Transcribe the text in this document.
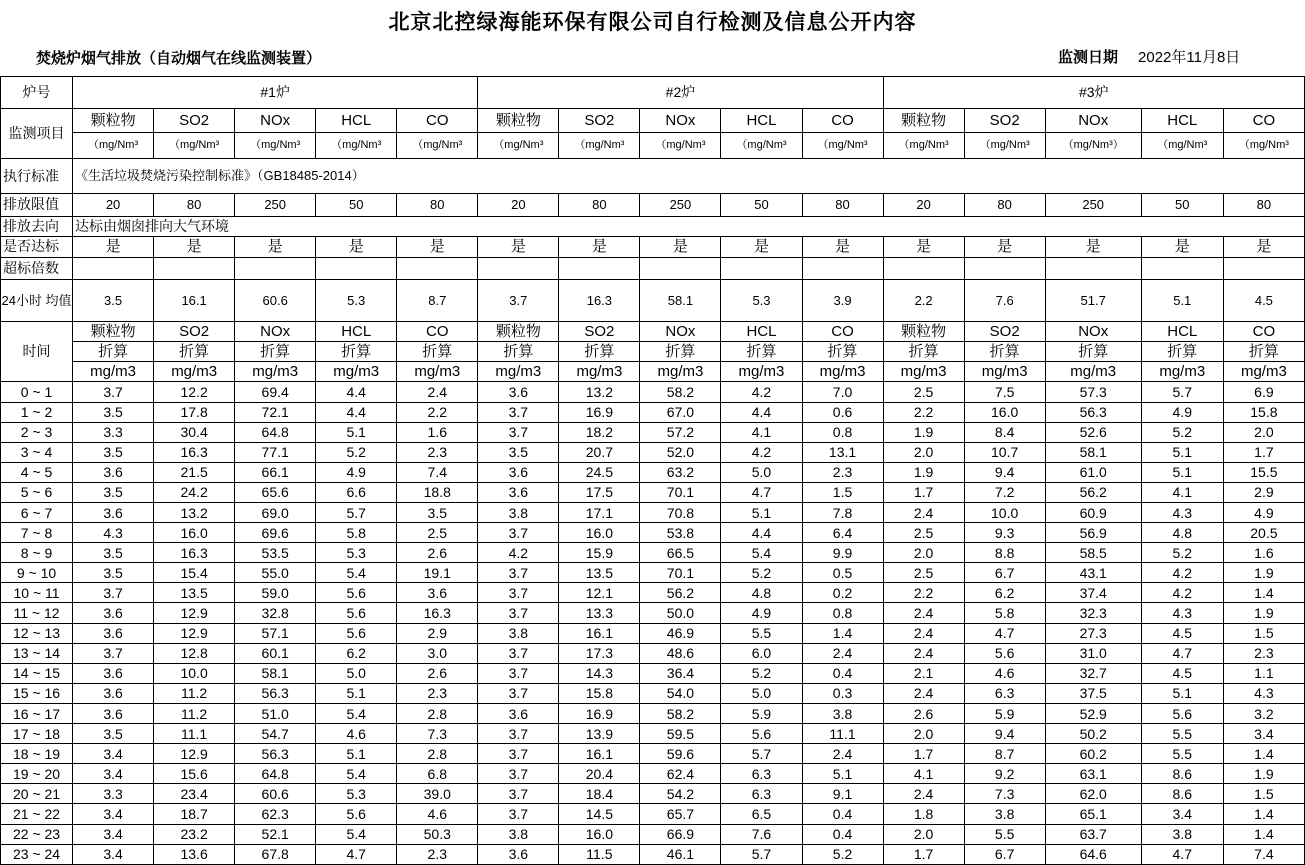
北京北控绿海能环保有限公司自行检测及信息公开内容
焚烧炉烟气排放（自动烟气在线监测装置）	监测日期 2022年11月8日
炉号	#1炉					#2炉					#3炉				
监测项目	颗粒物	SO2	NOx	HCL	CO	颗粒物	SO2	NOx	HCL	CO	颗粒物	SO2	NOx	HCL	CO
	（mg/Nm³	（mg/Nm³	（mg/Nm³	（mg/Nm³	（mg/Nm³	（mg/Nm³	（mg/Nm³	（mg/Nm³	（mg/Nm³	（mg/Nm³	（mg/Nm³	（mg/Nm³	（mg/Nm³）	（mg/Nm³	（mg/Nm³
执行标准	《生活垃圾焚烧污染控制标准》（GB18485-2014）														
排放限值	20	80	250	50	80	20	80	250	50	80	20	80	250	50	80
排放去向	达标由烟囱排向大气环境														
是否达标	是	是	是	是	是	是	是	是	是	是	是	是	是	是	是
超标倍数															
24小时 均值	3.5	16.1	60.6	5.3	8.7	3.7	16.3	58.1	5.3	3.9	2.2	7.6	51.7	5.1	4.5
时间	颗粒物	SO2	NOx	HCL	CO	颗粒物	SO2	NOx	HCL	CO	颗粒物	SO2	NOx	HCL	CO
	折算	折算	折算	折算	折算	折算	折算	折算	折算	折算	折算	折算	折算	折算	折算
	mg/m3	mg/m3	mg/m3	mg/m3	mg/m3	mg/m3	mg/m3	mg/m3	mg/m3	mg/m3	mg/m3	mg/m3	mg/m3	mg/m3	mg/m3
0 ~ 1	3.7	12.2	69.4	4.4	2.4	3.6	13.2	58.2	4.2	7.0	2.5	7.5	57.3	5.7	6.9
1 ~ 2	3.5	17.8	72.1	4.4	2.2	3.7	16.9	67.0	4.4	0.6	2.2	16.0	56.3	4.9	15.8
2 ~ 3	3.3	30.4	64.8	5.1	1.6	3.7	18.2	57.2	4.1	0.8	1.9	8.4	52.6	5.2	2.0
3 ~ 4	3.5	16.3	77.1	5.2	2.3	3.5	20.7	52.0	4.2	13.1	2.0	10.7	58.1	5.1	1.7
4 ~ 5	3.6	21.5	66.1	4.9	7.4	3.6	24.5	63.2	5.0	2.3	1.9	9.4	61.0	5.1	15.5
5 ~ 6	3.5	24.2	65.6	6.6	18.8	3.6	17.5	70.1	4.7	1.5	1.7	7.2	56.2	4.1	2.9
6 ~ 7	3.6	13.2	69.0	5.7	3.5	3.8	17.1	70.8	5.1	7.8	2.4	10.0	60.9	4.3	4.9
7 ~ 8	4.3	16.0	69.6	5.8	2.5	3.7	16.0	53.8	4.4	6.4	2.5	9.3	56.9	4.8	20.5
8 ~ 9	3.5	16.3	53.5	5.3	2.6	4.2	15.9	66.5	5.4	9.9	2.0	8.8	58.5	5.2	1.6
9 ~ 10	3.5	15.4	55.0	5.4	19.1	3.7	13.5	70.1	5.2	0.5	2.5	6.7	43.1	4.2	1.9
10 ~ 11	3.7	13.5	59.0	5.6	3.6	3.7	12.1	56.2	4.8	0.2	2.2	6.2	37.4	4.2	1.4
11 ~ 12	3.6	12.9	32.8	5.6	16.3	3.7	13.3	50.0	4.9	0.8	2.4	5.8	32.3	4.3	1.9
12 ~ 13	3.6	12.9	57.1	5.6	2.9	3.8	16.1	46.9	5.5	1.4	2.4	4.7	27.3	4.5	1.5
13 ~ 14	3.7	12.8	60.1	6.2	3.0	3.7	17.3	48.6	6.0	2.4	2.4	5.6	31.0	4.7	2.3
14 ~ 15	3.6	10.0	58.1	5.0	2.6	3.7	14.3	36.4	5.2	0.4	2.1	4.6	32.7	4.5	1.1
15 ~ 16	3.6	11.2	56.3	5.1	2.3	3.7	15.8	54.0	5.0	0.3	2.4	6.3	37.5	5.1	4.3
16 ~ 17	3.6	11.2	51.0	5.4	2.8	3.6	16.9	58.2	5.9	3.8	2.6	5.9	52.9	5.6	3.2
17 ~ 18	3.5	11.1	54.7	4.6	7.3	3.7	13.9	59.5	5.6	11.1	2.0	9.4	50.2	5.5	3.4
18 ~ 19	3.4	12.9	56.3	5.1	2.8	3.7	16.1	59.6	5.7	2.4	1.7	8.7	60.2	5.5	1.4
19 ~ 20	3.4	15.6	64.8	5.4	6.8	3.7	20.4	62.4	6.3	5.1	4.1	9.2	63.1	8.6	1.9
20 ~ 21	3.3	23.4	60.6	5.3	39.0	3.7	18.4	54.2	6.3	9.1	2.4	7.3	62.0	8.6	1.5
21 ~ 22	3.4	18.7	62.3	5.6	4.6	3.7	14.5	65.7	6.5	0.4	1.8	3.8	65.1	3.4	1.4
22 ~ 23	3.4	23.2	52.1	5.4	50.3	3.8	16.0	66.9	7.6	0.4	2.0	5.5	63.7	3.8	1.4
23 ~ 24	3.4	13.6	67.8	4.7	2.3	3.6	11.5	46.1	5.7	5.2	1.7	6.7	64.6	4.7	7.4
